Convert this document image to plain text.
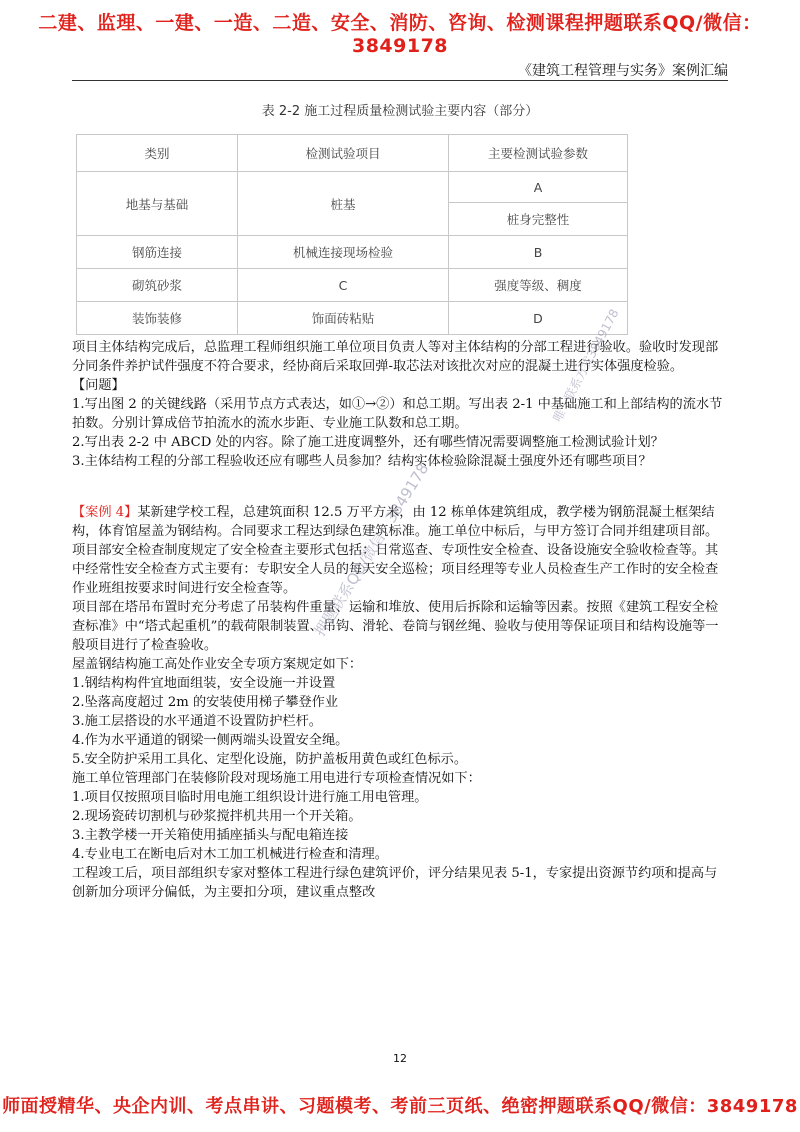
二建、监理、一建、一造、二造、安全、消防、咨询、检测课程押题联系QQ/微信：3849178
《建筑工程管理与实务》案例汇编
表 2-2 施工过程质量检测试验主要内容（部分）
类别	检测试验项目	主要检测试验参数
地基与基础	桩基	A
		桩身完整性
钢筋连接	机械连接现场检验	B
砌筑砂浆	C	强度等级、稠度
装饰装修	饰面砖粘贴	D

项目主体结构完成后，总监理工程师组织施工单位项目负责人等对主体结构的分部工程进行验收。验收时发现部分同条件养护试件强度不符合要求，经协商后采取回弹-取芯法对该批次对应的混凝土进行实体强度检验。

【问题】

1.写出图 2 的关键线路（采用节点方式表达，如①→②）和总工期。写出表 2-1 中基础施工和上部结构的流水节拍数。分别计算成倍节拍流水的流水步距、专业施工队数和总工期。

2.写出表 2-2 中 ABCD 处的内容。除了施工进度调整外，还有哪些情况需要调整施工检测试验计划？

3.主体结构工程的分部工程验收还应有哪些人员参加？结构实体检验除混凝土强度外还有哪些项目？

【案例 4】某新建学校工程，总建筑面积 12.5 万平方米，由 12 栋单体建筑组成，教学楼为钢筋混凝土框架结构，体育馆屋盖为钢结构。合同要求工程达到绿色建筑标准。施工单位中标后，与甲方签订合同并组建项目部。

项目部安全检查制度规定了安全检查主要形式包括：日常巡查、专项性安全检查、设备设施安全验收检查等。其中经常性安全检查方式主要有：专职安全人员的每天安全巡检；项目经理等专业人员检查生产工作时的安全检查作业班组按要求时间进行安全检查等。

项目部在塔吊布置时充分考虑了吊装构件重量、运输和堆放、使用后拆除和运输等因素。按照《建筑工程安全检查标准》中“塔式起重机”的载荷限制装置、吊钩、滑轮、卷筒与钢丝绳、验收与使用等保证项目和结构设施等一般项目进行了检查验收。

屋盖钢结构施工高处作业安全专项方案规定如下：

1.钢结构构件宜地面组装，安全设施一并设置

2.坠落高度超过 2m 的安装使用梯子攀登作业

3.施工层搭设的水平通道不设置防护栏杆。

4.作为水平通道的钢梁一侧两端头设置安全绳。

5.安全防护采用工具化、定型化设施，防护盖板用黄色或红色标示。

施工单位管理部门在装修阶段对现场施工用电进行专项检查情况如下：

1.项目仅按照项目临时用电施工组织设计进行施工用电管理。

2.现场瓷砖切割机与砂浆搅拌机共用一个开关箱。

3.主教学楼一开关箱使用插座插头与配电箱连接

4.专业电工在断电后对木工加工机械进行检查和清理。

工程竣工后，项目部组织专家对整体工程进行绿色建筑评价，评分结果见表 5-1，专家提出资源节约项和提高与创新加分项评分偏低，为主要扣分项，建议重点整改

唯一联系方式3849178
押题联系QQ/微信：3849178
12
师面授精华、央企内训、考点串讲、习题模考、考前三页纸、绝密押题联系QQ/微信：3849178
